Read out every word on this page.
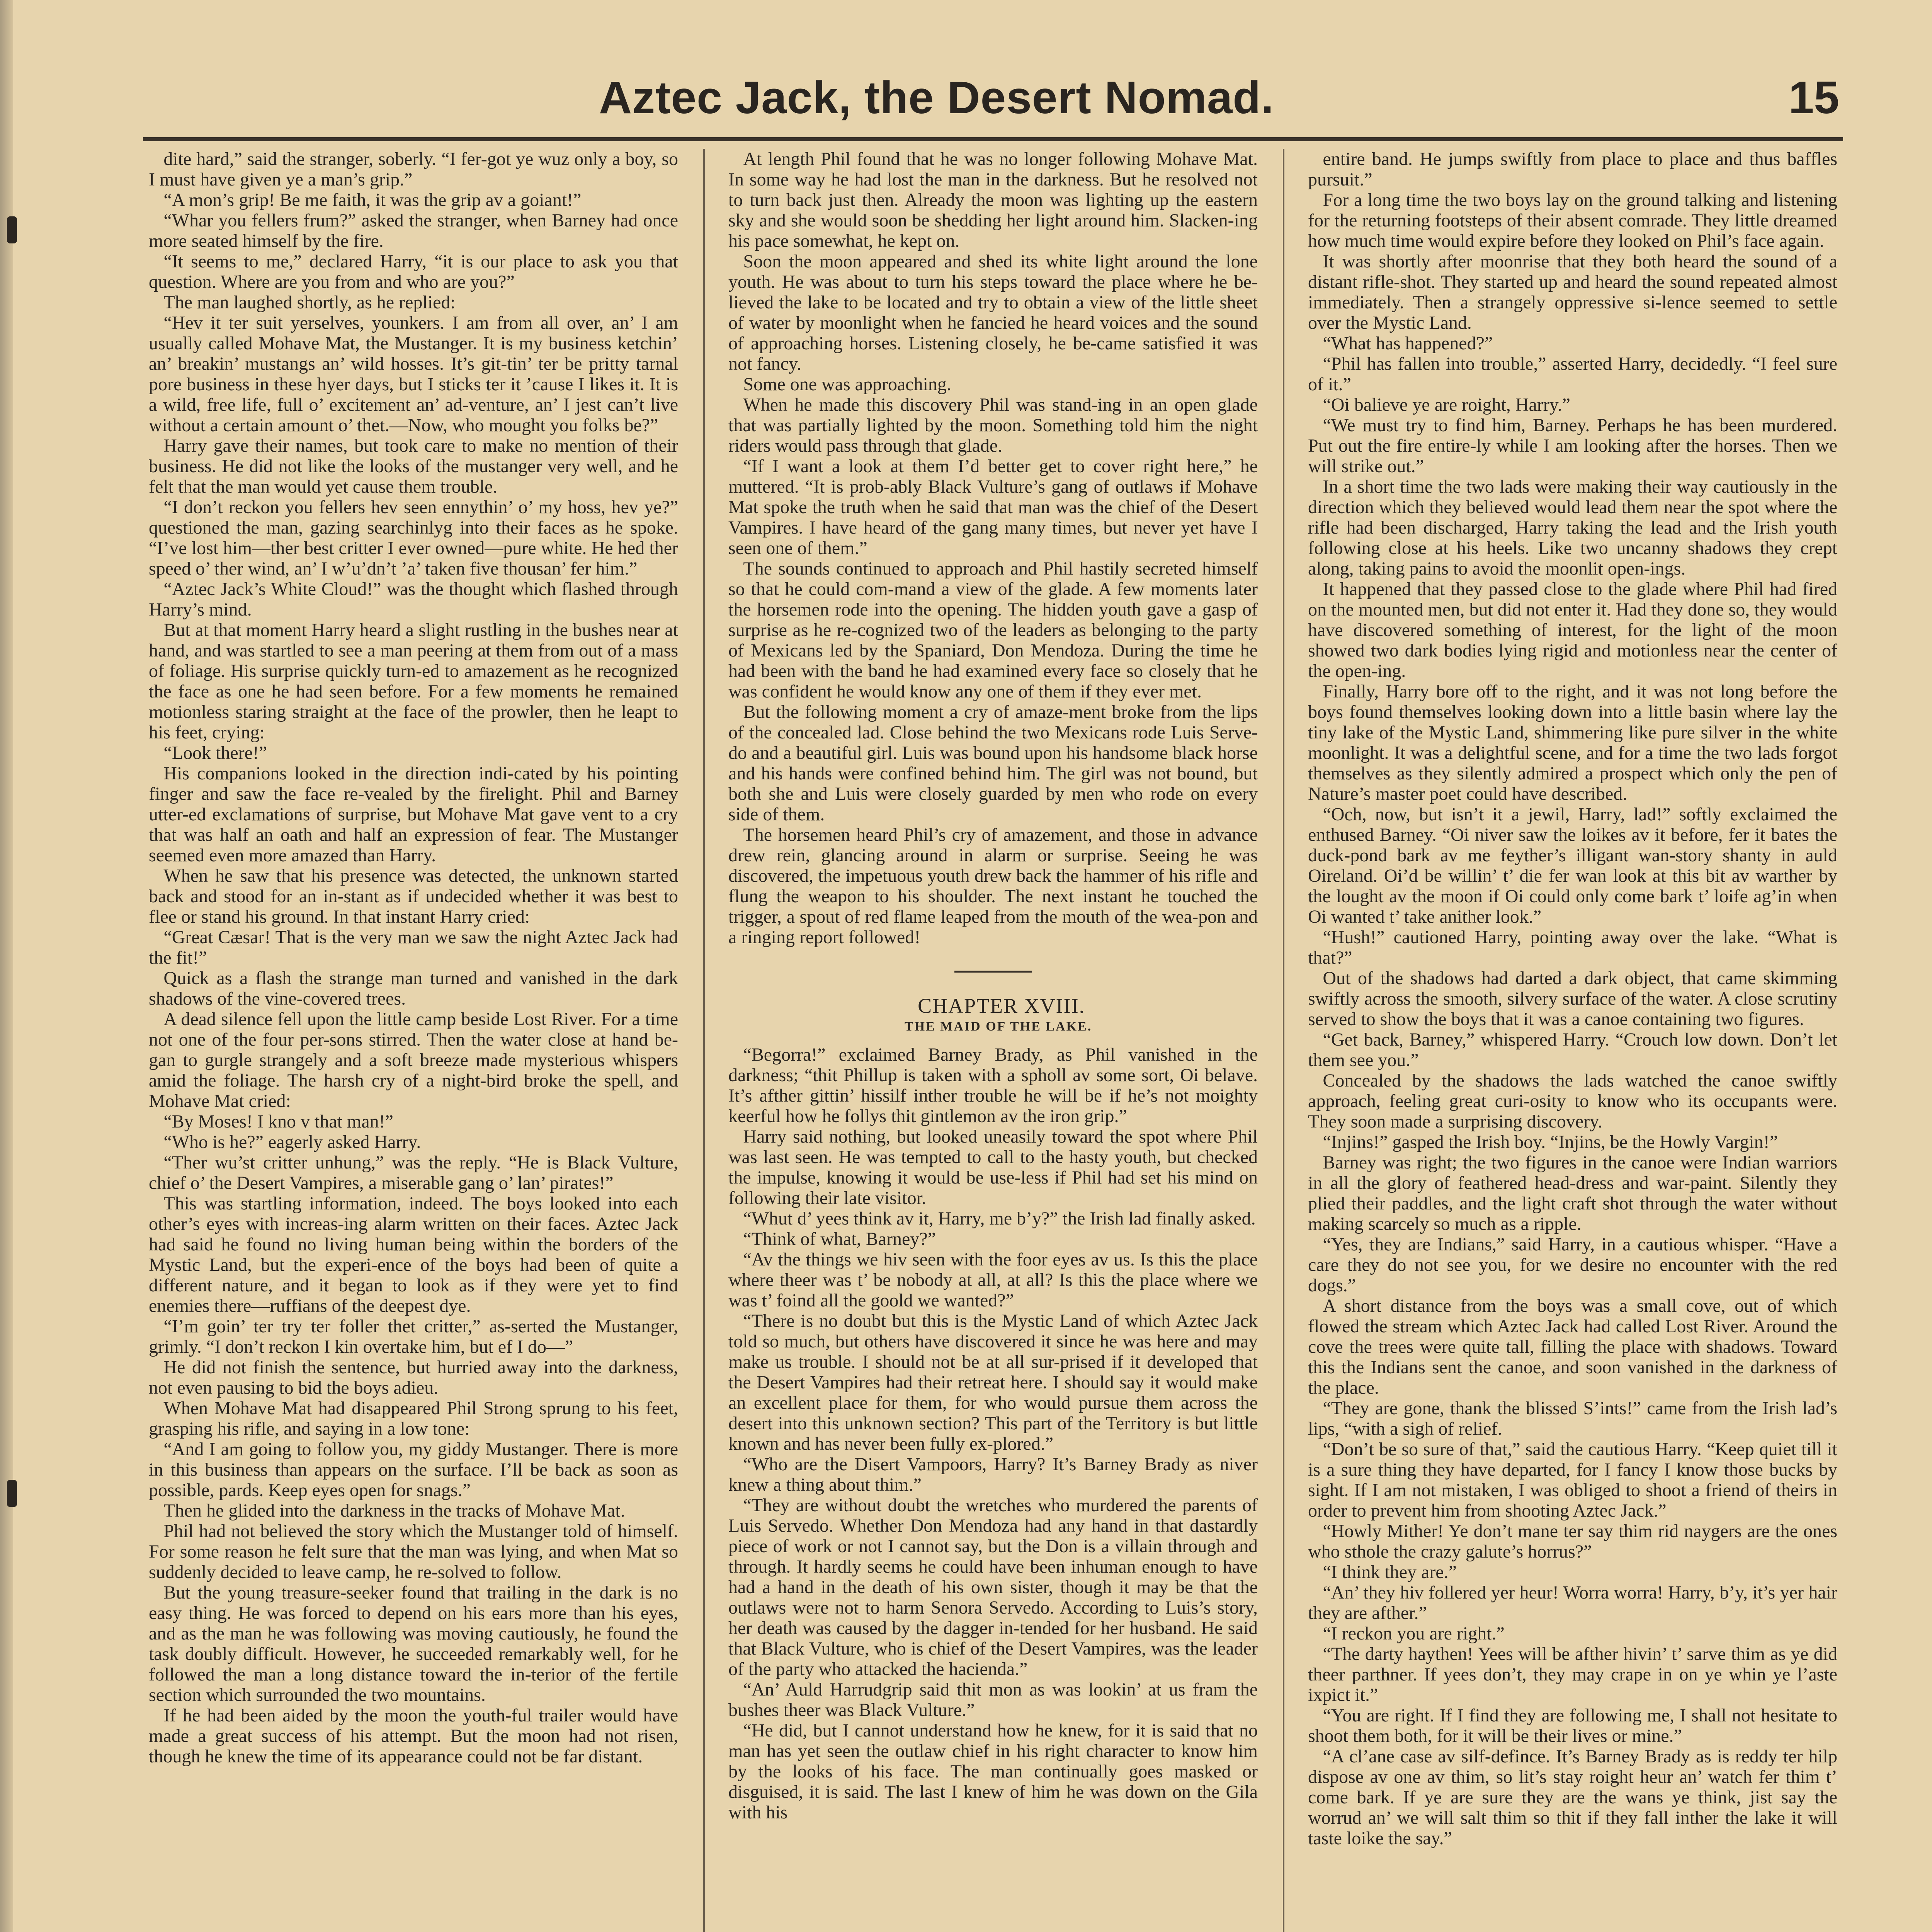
Aztec Jack, the Desert Nomad.	15

dite hard,” said the stranger, soberly. “I fer-got ye wuz only a boy, so I must have given ye a man’s grip.”

“A mon’s grip! Be me faith, it was the grip av a goiant!”

“Whar you fellers frum?” asked the stranger, when Barney had once more seated himself by the fire.

“It seems to me,” declared Harry, “it is our place to ask you that question. Where are you from and who are you?”

The man laughed shortly, as he replied:

“Hev it ter suit yerselves, younkers. I am from all over, an’ I am usually called Mohave Mat, the Mustanger. It is my business ketchin’ an’ breakin’ mustangs an’ wild hosses. It’s git-tin’ ter be pritty tarnal pore business in these hyer days, but I sticks ter it ’cause I likes it. It is a wild, free life, full o’ excitement an’ ad-venture, an’ I jest can’t live without a certain amount o’ thet.—Now, who mought you folks be?”

Harry gave their names, but took care to make no mention of their business. He did not like the looks of the mustanger very well, and he felt that the man would yet cause them trouble.

“I don’t reckon you fellers hev seen ennythin’ o’ my hoss, hev ye?” questioned the man, gazing searchinlyg into their faces as he spoke. “I’ve lost him—ther best critter I ever owned—pure white. He hed ther speed o’ ther wind, an’ I w’u’dn’t ’a’ taken five thousan’ fer him.”

“Aztec Jack’s White Cloud!” was the thought which flashed through Harry’s mind.

But at that moment Harry heard a slight rustling in the bushes near at hand, and was startled to see a man peering at them from out of a mass of foliage. His surprise quickly turn-ed to amazement as he recognized the face as one he had seen before. For a few moments he remained motionless staring straight at the face of the prowler, then he leapt to his feet, crying:

“Look there!”

His companions looked in the direction indi-cated by his pointing finger and saw the face re-vealed by the firelight. Phil and Barney utter-ed exclamations of surprise, but Mohave Mat gave vent to a cry that was half an oath and half an expression of fear. The Mustanger seemed even more amazed than Harry.

When he saw that his presence was detected, the unknown started back and stood for an in-stant as if undecided whether it was best to flee or stand his ground. In that instant Harry cried:

“Great Cæsar! That is the very man we saw the night Aztec Jack had the fit!”

Quick as a flash the strange man turned and vanished in the dark shadows of the vine-covered trees.

A dead silence fell upon the little camp beside Lost River. For a time not one of the four per-sons stirred. Then the water close at hand be-gan to gurgle strangely and a soft breeze made mysterious whispers amid the foliage. The harsh cry of a night-bird broke the spell, and Mohave Mat cried:

“By Moses! I kno v that man!”

“Who is he?” eagerly asked Harry.

“Ther wu’st critter unhung,” was the reply. “He is Black Vulture, chief o’ the Desert Vampires, a miserable gang o’ lan’ pirates!”

This was startling information, indeed. The boys looked into each other’s eyes with increas-ing alarm written on their faces. Aztec Jack had said he found no living human being within the borders of the Mystic Land, but the experi-ence of the boys had been of quite a different nature, and it began to look as if they were yet to find enemies there—ruffians of the deepest dye.

“I’m goin’ ter try ter foller thet critter,” as-serted the Mustanger, grimly. “I don’t reckon I kin overtake him, but ef I do—”

He did not finish the sentence, but hurried away into the darkness, not even pausing to bid the boys adieu.

When Mohave Mat had disappeared Phil Strong sprung to his feet, grasping his rifle, and saying in a low tone:

“And I am going to follow you, my giddy Mustanger. There is more in this business than appears on the surface. I’ll be back as soon as possible, pards. Keep eyes open for snags.”

Then he glided into the darkness in the tracks of Mohave Mat.

Phil had not believed the story which the Mustanger told of himself. For some reason he felt sure that the man was lying, and when Mat so suddenly decided to leave camp, he re-solved to follow.

But the young treasure-seeker found that trailing in the dark is no easy thing. He was forced to depend on his ears more than his eyes, and as the man he was following was moving cautiously, he found the task doubly difficult. However, he succeeded remarkably well, for he followed the man a long distance toward the in-terior of the fertile section which surrounded the two mountains.

If he had been aided by the moon the youth-ful trailer would have made a great success of his attempt. But the moon had not risen, though he knew the time of its appearance could not be far distant.

At length Phil found that he was no longer following Mohave Mat. In some way he had lost the man in the darkness. But he resolved not to turn back just then. Already the moon was lighting up the eastern sky and she would soon be shedding her light around him. Slacken-ing his pace somewhat, he kept on.

Soon the moon appeared and shed its white light around the lone youth. He was about to turn his steps toward the place where he be-lieved the lake to be located and try to obtain a view of the little sheet of water by moonlight when he fancied he heard voices and the sound of approaching horses. Listening closely, he be-came satisfied it was not fancy.

Some one was approaching.

When he made this discovery Phil was stand-ing in an open glade that was partially lighted by the moon. Something told him the night riders would pass through that glade.

“If I want a look at them I’d better get to cover right here,” he muttered. “It is prob-ably Black Vulture’s gang of outlaws if Mohave Mat spoke the truth when he said that man was the chief of the Desert Vampires. I have heard of the gang many times, but never yet have I seen one of them.”

The sounds continued to approach and Phil hastily secreted himself so that he could com-mand a view of the glade. A few moments later the horsemen rode into the opening. The hidden youth gave a gasp of surprise as he re-cognized two of the leaders as belonging to the party of Mexicans led by the Spaniard, Don Mendoza. During the time he had been with the band he had examined every face so closely that he was confident he would know any one of them if they ever met.

But the following moment a cry of amaze-ment broke from the lips of the concealed lad. Close behind the two Mexicans rode Luis Serve-do and a beautiful girl. Luis was bound upon his handsome black horse and his hands were confined behind him. The girl was not bound, but both she and Luis were closely guarded by men who rode on every side of them.

The horsemen heard Phil’s cry of amazement, and those in advance drew rein, glancing around in alarm or surprise. Seeing he was discovered, the impetuous youth drew back the hammer of his rifle and flung the weapon to his shoulder. The next instant he touched the trigger, a spout of red flame leaped from the mouth of the wea-pon and a ringing report followed!

CHAPTER XVIII.

THE MAID OF THE LAKE.

“Begorra!” exclaimed Barney Brady, as Phil vanished in the darkness; “thit Phillup is taken with a spholl av some sort, Oi belave. It’s afther gittin’ hissilf inther trouble he will be if he’s not moighty keerful how he follys thit gintlemon av the iron grip.”

Harry said nothing, but looked uneasily toward the spot where Phil was last seen. He was tempted to call to the hasty youth, but checked the impulse, knowing it would be use-less if Phil had set his mind on following their late visitor.

“Whut d’ yees think av it, Harry, me b’y?” the Irish lad finally asked.

“Think of what, Barney?”

“Av the things we hiv seen with the foor eyes av us. Is this the place where theer was t’ be nobody at all, at all? Is this the place where we was t’ foind all the goold we wanted?”

“There is no doubt but this is the Mystic Land of which Aztec Jack told so much, but others have discovered it since he was here and may make us trouble. I should not be at all sur-prised if it developed that the Desert Vampires had their retreat here. I should say it would make an excellent place for them, for who would pursue them across the desert into this unknown section? This part of the Territory is but little known and has never been fully ex-plored.”

“Who are the Disert Vampoors, Harry? It’s Barney Brady as niver knew a thing about thim.”

“They are without doubt the wretches who murdered the parents of Luis Servedo. Whether Don Mendoza had any hand in that dastardly piece of work or not I cannot say, but the Don is a villain through and through. It hardly seems he could have been inhuman enough to have had a hand in the death of his own sister, though it may be that the outlaws were not to harm Senora Servedo. According to Luis’s story, her death was caused by the dagger in-tended for her husband. He said that Black Vulture, who is chief of the Desert Vampires, was the leader of the party who attacked the hacienda.”

“An’ Auld Harrudgrip said thit mon as was lookin’ at us fram the bushes theer was Black Vulture.”

“He did, but I cannot understand how he knew, for it is said that no man has yet seen the outlaw chief in his right character to know him by the looks of his face. The man continually goes masked or disguised, it is said. The last I knew of him he was down on the Gila with his

entire band. He jumps swiftly from place to place and thus baffles pursuit.”

For a long time the two boys lay on the ground talking and listening for the returning footsteps of their absent comrade. They little dreamed how much time would expire before they looked on Phil’s face again.

It was shortly after moonrise that they both heard the sound of a distant rifle-shot. They started up and heard the sound repeated almost immediately. Then a strangely oppressive si-lence seemed to settle over the Mystic Land.

“What has happened?”

“Phil has fallen into trouble,” asserted Harry, decidedly. “I feel sure of it.”

“Oi balieve ye are roight, Harry.”

“We must try to find him, Barney. Perhaps he has been murdered. Put out the fire entire-ly while I am looking after the horses. Then we will strike out.”

In a short time the two lads were making their way cautiously in the direction which they believed would lead them near the spot where the rifle had been discharged, Harry taking the lead and the Irish youth following close at his heels. Like two uncanny shadows they crept along, taking pains to avoid the moonlit open-ings.

It happened that they passed close to the glade where Phil had fired on the mounted men, but did not enter it. Had they done so, they would have discovered something of interest, for the light of the moon showed two dark bodies lying rigid and motionless near the center of the open-ing.

Finally, Harry bore off to the right, and it was not long before the boys found themselves looking down into a little basin where lay the tiny lake of the Mystic Land, shimmering like pure silver in the white moonlight. It was a delightful scene, and for a time the two lads forgot themselves as they silently admired a prospect which only the pen of Nature’s master poet could have described.

“Och, now, but isn’t it a jewil, Harry, lad!” softly exclaimed the enthused Barney. “Oi niver saw the loikes av it before, fer it bates the duck-pond bark av me feyther’s illigant wan-story shanty in auld Oireland. Oi’d be willin’ t’ die fer wan look at this bit av warther by the lought av the moon if Oi could only come bark t’ loife ag’in when Oi wanted t’ take anither look.”

“Hush!” cautioned Harry, pointing away over the lake. “What is that?”

Out of the shadows had darted a dark object, that came skimming swiftly across the smooth, silvery surface of the water. A close scrutiny served to show the boys that it was a canoe containing two figures.

“Get back, Barney,” whispered Harry. “Crouch low down. Don’t let them see you.”

Concealed by the shadows the lads watched the canoe swiftly approach, feeling great curi-osity to know who its occupants were. They soon made a surprising discovery.

“Injins!” gasped the Irish boy. “Injins, be the Howly Vargin!”

Barney was right; the two figures in the canoe were Indian warriors in all the glory of feathered head-dress and war-paint. Silently they plied their paddles, and the light craft shot through the water without making scarcely so much as a ripple.

“Yes, they are Indians,” said Harry, in a cautious whisper. “Have a care they do not see you, for we desire no encounter with the red dogs.”

A short distance from the boys was a small cove, out of which flowed the stream which Aztec Jack had called Lost River. Around the cove the trees were quite tall, filling the place with shadows. Toward this the Indians sent the canoe, and soon vanished in the darkness of the place.

“They are gone, thank the blissed S’ints!” came from the Irish lad’s lips, “with a sigh of relief.

“Don’t be so sure of that,” said the cautious Harry. “Keep quiet till it is a sure thing they have departed, for I fancy I know those bucks by sight. If I am not mistaken, I was obliged to shoot a friend of theirs in order to prevent him from shooting Aztec Jack.”

“Howly Mither! Ye don’t mane ter say thim rid naygers are the ones who sthole the crazy galute’s horrus?”

“I think they are.”

“An’ they hiv follered yer heur! Worra worra! Harry, b’y, it’s yer hair they are afther.”

“I reckon you are right.”

“The darty haythen! Yees will be afther hivin’ t’ sarve thim as ye did theer parthner. If yees don’t, they may crape in on ye whin ye l’aste ixpict it.”

“You are right. If I find they are following me, I shall not hesitate to shoot them both, for it will be their lives or mine.”

“A cl’ane case av silf-defince. It’s Barney Brady as is reddy ter hilp dispose av one av thim, so lit’s stay roight heur an’ watch fer thim t’ come bark. If ye are sure they are the wans ye think, jist say the worrud an’ we will salt thim so thit if they fall inther the lake it will taste loike the say.”
